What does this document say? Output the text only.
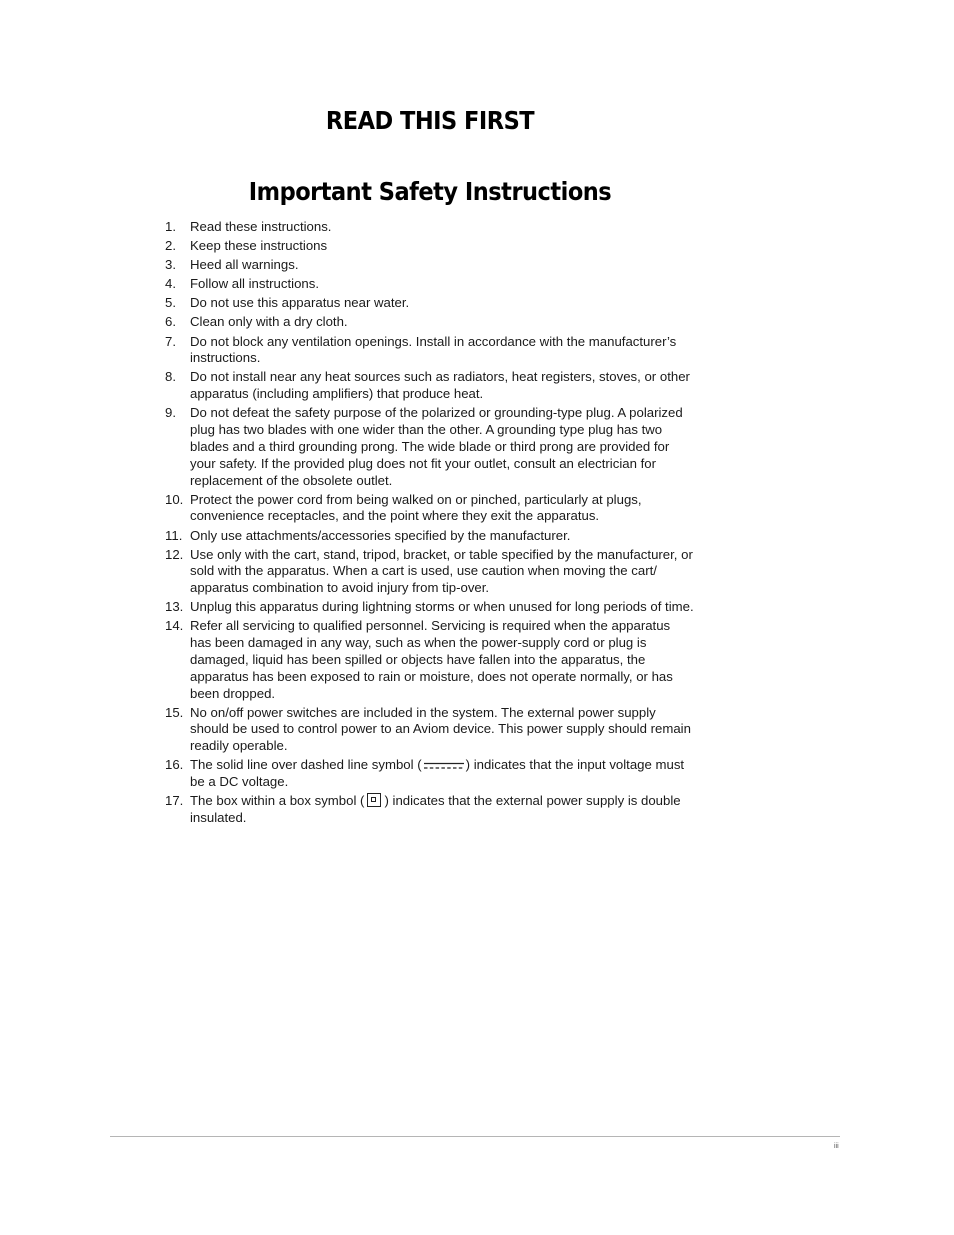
READ THIS FIRST
Important Safety Instructions
1. Read these instructions.
2. Keep these instructions
3. Heed all warnings.
4. Follow all instructions.
5. Do not use this apparatus near water.
6. Clean only with a dry cloth.
7. Do not block any ventilation openings. Install in accordance with the manufacturer’s instructions.
8. Do not install near any heat sources such as radiators, heat registers, stoves, or other apparatus (including amplifiers) that produce heat.
9. Do not defeat the safety purpose of the polarized or grounding-type plug. A polarized plug has two blades with one wider than the other. A grounding type plug has two blades and a third grounding prong. The wide blade or third prong are provided for your safety. If the provided plug does not fit your outlet, consult an electrician for replacement of the obsolete outlet.
10. Protect the power cord from being walked on or pinched, particularly at plugs, convenience receptacles, and the point where they exit the apparatus.
11. Only use attachments/accessories specified by the manufacturer.
12. Use only with the cart, stand, tripod, bracket, or table specified by the manufacturer, or sold with the apparatus. When a cart is used, use caution when moving the cart/ apparatus combination to avoid injury from tip-over.
13. Unplug this apparatus during lightning storms or when unused for long periods of time.
14. Refer all servicing to qualified personnel. Servicing is required when the apparatus has been damaged in any way, such as when the power-supply cord or plug is damaged, liquid has been spilled or objects have fallen into the apparatus, the apparatus has been exposed to rain or moisture, does not operate normally, or has been dropped.
15. No on/off power switches are included in the system. The external power supply should be used to control power to an Aviom device. This power supply should remain readily operable.
16. The solid line over dashed line symbol (	) indicates that the input voltage must be a DC voltage.
17. The box within a box symbol ( ) indicates that the external power supply is double insulated.
iii
